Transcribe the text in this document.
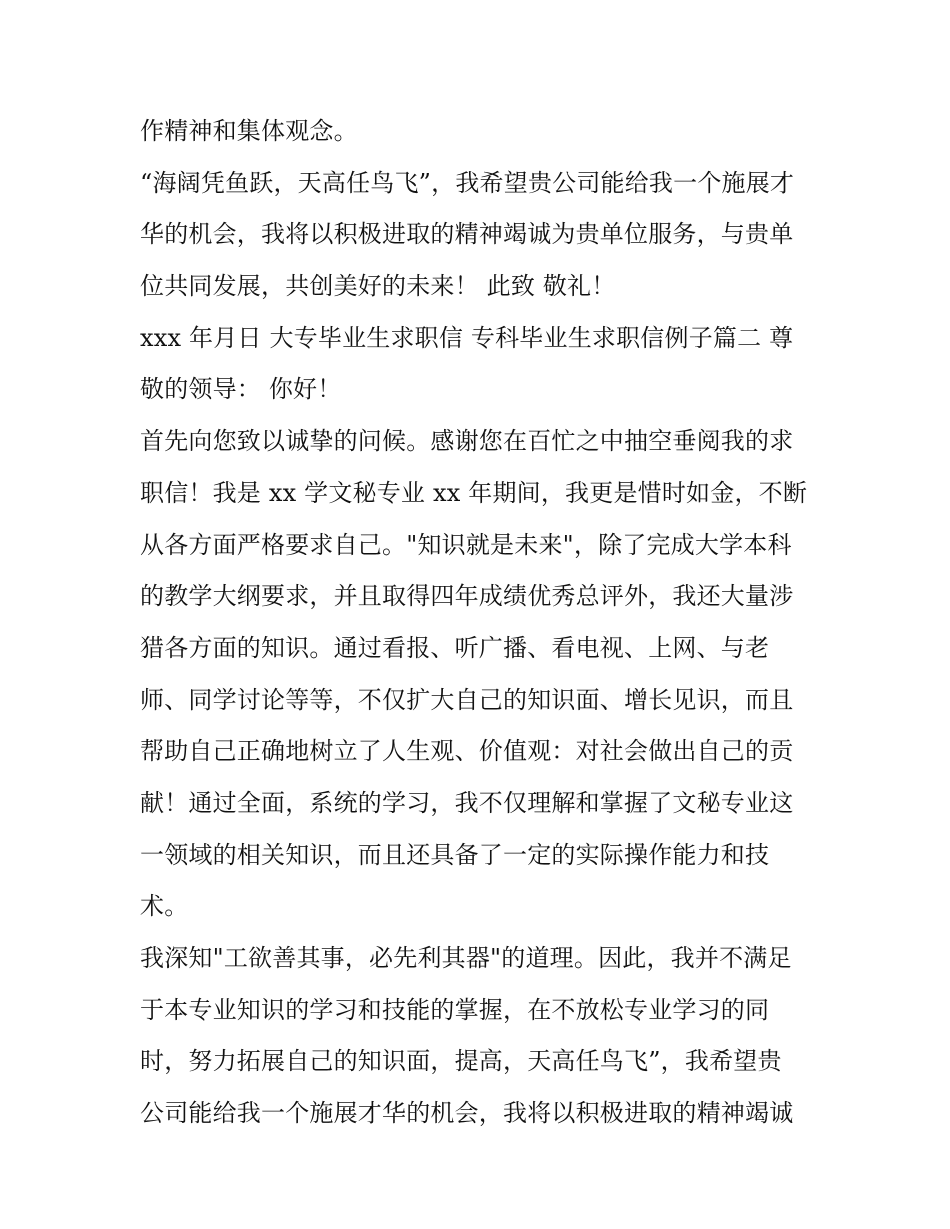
作精神和集体观念。
“海阔凭鱼跃，天高任鸟飞”，我希望贵公司能给我一个施展才
华的机会，我将以积极进取的精神竭诚为贵单位服务，与贵单
位共同发展，共创美好的未来！ 此致 敬礼！
xxx 年月日 大专毕业生求职信 专科毕业生求职信例子篇二 尊
敬的领导： 你好！
首先向您致以诚挚的问候。感谢您在百忙之中抽空垂阅我的求
职信！我是 xx 学文秘专业 xx 年期间，我更是惜时如金，不断
从各方面严格要求自己。"知识就是未来"，除了完成大学本科
的教学大纲要求，并且取得四年成绩优秀总评外，我还大量涉
猎各方面的知识。通过看报、听广播、看电视、上网、与老
师、同学讨论等等，不仅扩大自己的知识面、增长见识，而且
帮助自己正确地树立了人生观、价值观：对社会做出自己的贡
献！通过全面，系统的学习，我不仅理解和掌握了文秘专业这
一领域的相关知识，而且还具备了一定的实际操作能力和技
术。
我深知"工欲善其事，必先利其器"的道理。因此，我并不满足
于本专业知识的学习和技能的掌握，在不放松专业学习的同
时，努力拓展自己的知识面，提高，天高任鸟飞”，我希望贵
公司能给我一个施展才华的机会，我将以积极进取的精神竭诚
